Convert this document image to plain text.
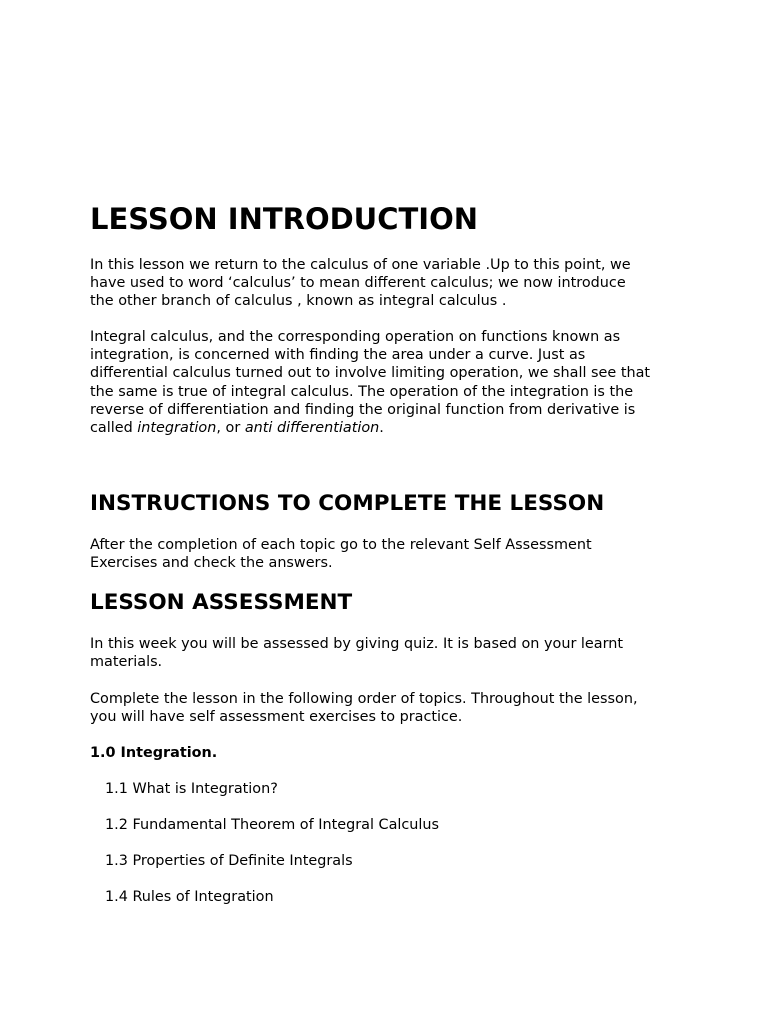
LESSON INTRODUCTION

In this lesson we return to the calculus of one variable .Up to this point, we
have used to word ‘calculus’ to mean different calculus; we now introduce
the other branch of calculus , known as integral calculus .

Integral calculus, and the corresponding operation on functions known as
integration, is concerned with finding the area under a curve. Just as
differential calculus turned out to involve limiting operation, we shall see that
the same is true of integral calculus. The operation of the integration is the
reverse of differentiation and finding the original function from derivative is
called integration, or anti differentiation.

INSTRUCTIONS TO COMPLETE THE LESSON

After the completion of each topic go to the relevant Self Assessment
Exercises and check the answers.

LESSON ASSESSMENT

In this week you will be assessed by giving quiz. It is based on your learnt
materials.

Complete the lesson in the following order of topics. Throughout the lesson,
you will have self assessment exercises to practice.

1.0 Integration.
1.1 What is Integration?
1.2 Fundamental Theorem of Integral Calculus
1.3 Properties of Definite Integrals
1.4 Rules of Integration
